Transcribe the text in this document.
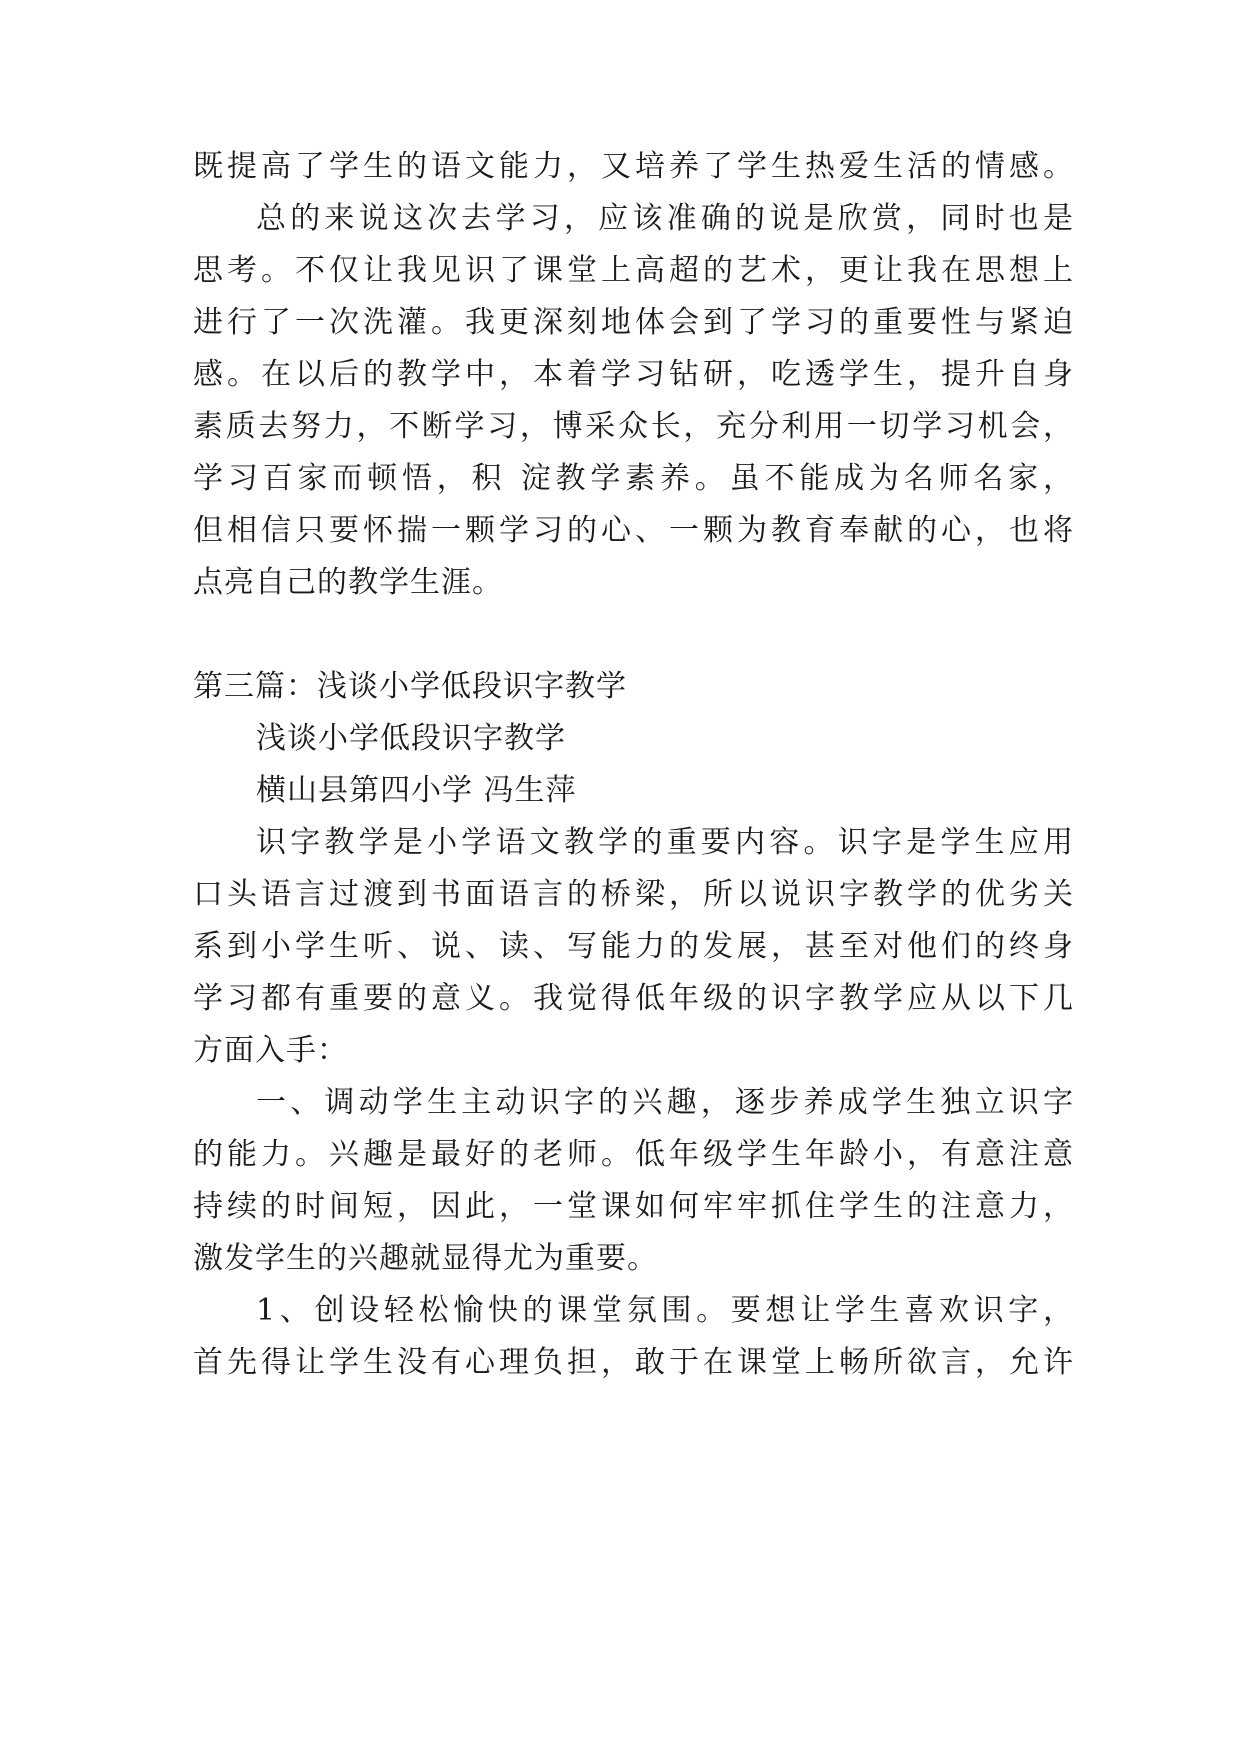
既提高了学生的语文能力，又培养了学生热爱生活的情感。
总的来说这次去学习，应该准确的说是欣赏，同时也是
思考。不仅让我见识了课堂上高超的艺术，更让我在思想上
进行了一次洗灌。我更深刻地体会到了学习的重要性与紧迫
感。在以后的教学中，本着学习钻研，吃透学生，提升自身
素质去努力，不断学习，博采众长，充分利用一切学习机会，
学习百家而顿悟，积 淀教学素养。虽不能成为名师名家，
但相信只要怀揣一颗学习的心、一颗为教育奉献的心，也将
点亮自己的教学生涯。
第三篇：浅谈小学低段识字教学
浅谈小学低段识字教学
横山县第四小学 冯生萍
识字教学是小学语文教学的重要内容。识字是学生应用
口头语言过渡到书面语言的桥梁，所以说识字教学的优劣关
系到小学生听、说、读、写能力的发展，甚至对他们的终身
学习都有重要的意义。我觉得低年级的识字教学应从以下几
方面入手：
一、调动学生主动识字的兴趣，逐步养成学生独立识字
的能力。兴趣是最好的老师。低年级学生年龄小，有意注意
持续的时间短，因此，一堂课如何牢牢抓住学生的注意力，
激发学生的兴趣就显得尤为重要。
1、创设轻松愉快的课堂氛围。要想让学生喜欢识字，
首先得让学生没有心理负担，敢于在课堂上畅所欲言，允许
